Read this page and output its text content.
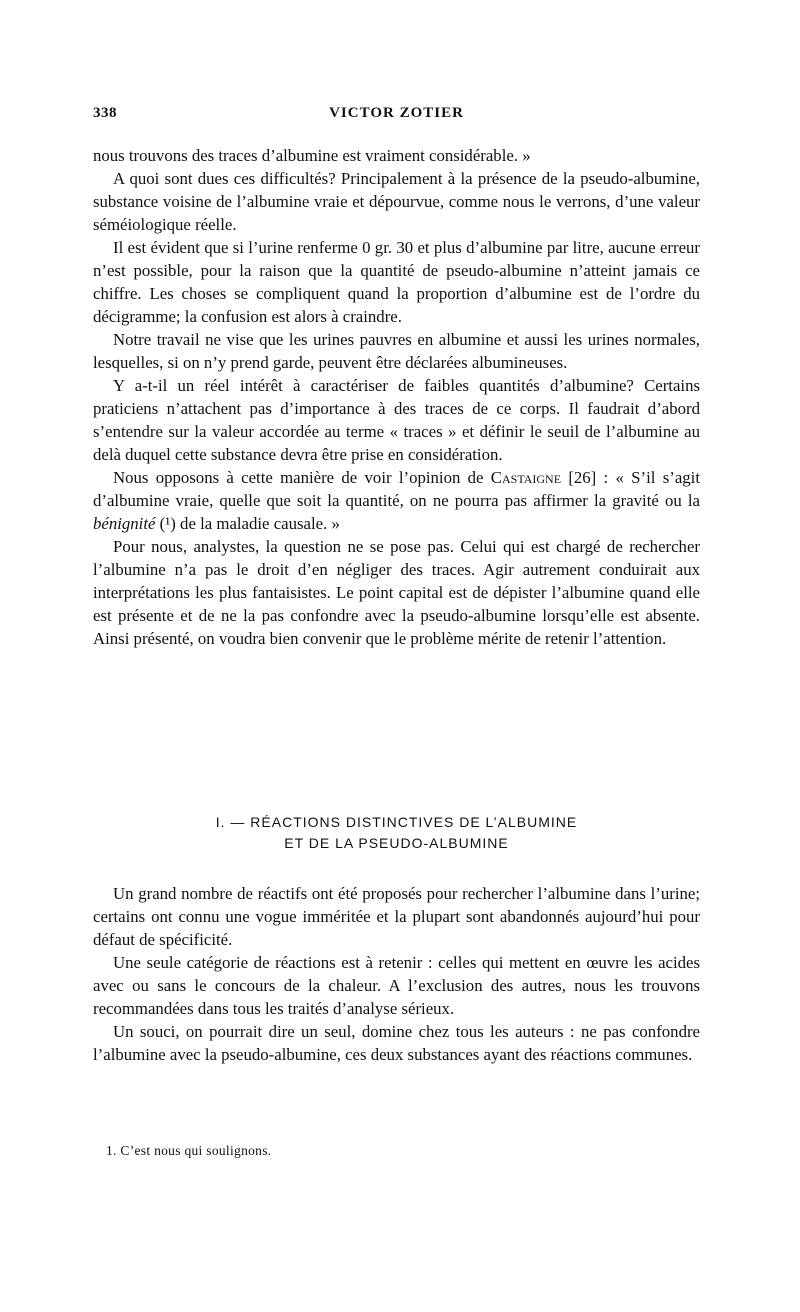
338	VICTOR ZOTIER

nous trouvons des traces d’albumine est vraiment considérable. »

A quoi sont dues ces difficultés? Principalement à la présence de la pseudo-albumine, substance voisine de l’albumine vraie et dépourvue, comme nous le verrons, d’une valeur séméiologique réelle.

Il est évident que si l’urine renferme 0 gr. 30 et plus d’albumine par litre, aucune erreur n’est possible, pour la raison que la quantité de pseudo-albumine n’atteint jamais ce chiffre. Les choses se compliquent quand la proportion d’albumine est de l’ordre du décigramme; la confusion est alors à craindre.

Notre travail ne vise que les urines pauvres en albumine et aussi les urines normales, lesquelles, si on n’y prend garde, peuvent être déclarées albumineuses.

Y a-t-il un réel intérêt à caractériser de faibles quantités d’albumine? Certains praticiens n’attachent pas d’importance à des traces de ce corps. Il faudrait d’abord s’entendre sur la valeur accordée au terme « traces » et définir le seuil de l’albumine au delà duquel cette substance devra être prise en considération.

Nous opposons à cette manière de voir l’opinion de Castaigne [26] : « S’il s’agit d’albumine vraie, quelle que soit la quantité, on ne pourra pas affirmer la gravité ou la bénignité (¹) de la maladie causale. »

Pour nous, analystes, la question ne se pose pas. Celui qui est chargé de rechercher l’albumine n’a pas le droit d’en négliger des traces. Agir autrement conduirait aux interprétations les plus fantaisistes. Le point capital est de dépister l’albumine quand elle est présente et de ne la pas confondre avec la pseudo-albumine lorsqu’elle est absente. Ainsi présenté, on voudra bien convenir que le problème mérite de retenir l’attention.

I. — RÉACTIONS DISTINCTIVES DE L’ALBUMINE
ET DE LA PSEUDO-ALBUMINE

Un grand nombre de réactifs ont été proposés pour rechercher l’albumine dans l’urine; certains ont connu une vogue imméritée et la plupart sont abandonnés aujourd’hui pour défaut de spécificité.

Une seule catégorie de réactions est à retenir : celles qui mettent en œuvre les acides avec ou sans le concours de la chaleur. A l’exclusion des autres, nous les trouvons recommandées dans tous les traités d’analyse sérieux.

Un souci, on pourrait dire un seul, domine chez tous les auteurs : ne pas confondre l’albumine avec la pseudo-albumine, ces deux substances ayant des réactions communes.

1. C’est nous qui soulignons.
